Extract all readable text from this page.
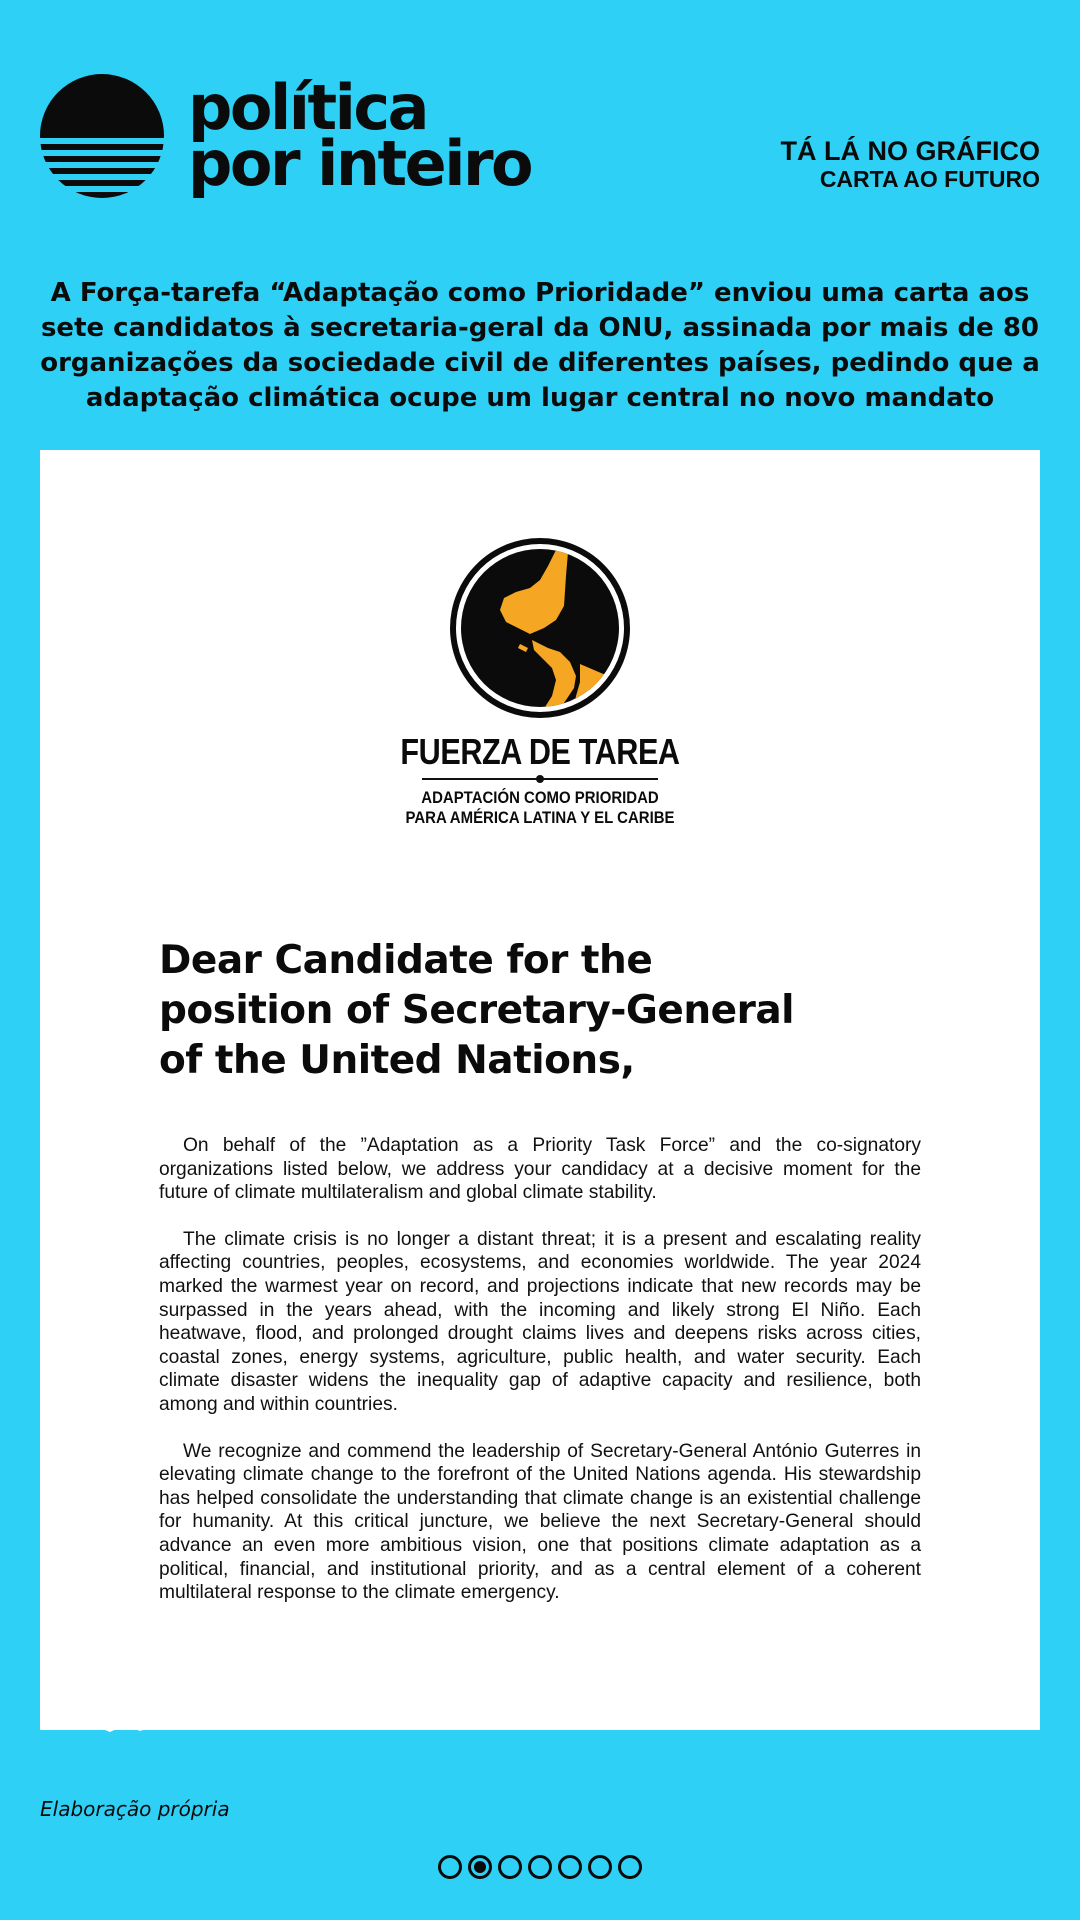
política
por inteiro	TÁ LÁ NO GRÁFICO
CARTA AO FUTURO
A Força-tarefa “Adaptação como Prioridade” enviou uma carta aos sete candidatos à secretaria-geral da ONU, assinada por mais de 80 organizações da sociedade civil de diferentes países, pedindo que a adaptação climática ocupe um lugar central no novo mandato
FUERZA DE TAREA
ADAPTACIÓN COMO PRIORIDAD
PARA AMÉRICA LATINA Y EL CARIBE
Dear Candidate for the position of Secretary-General of the United Nations,

On behalf of the ”Adaptation as a Priority Task Force” and the co-signatory organizations listed below, we address your candidacy at a decisive moment for the future of climate multilateralism and global climate stability.

The climate crisis is no longer a distant threat; it is a present and escalating reality affecting countries, peoples, ecosystems, and economies worldwide. The year 2024 marked the warmest year on record, and projections indicate that new records may be surpassed in the years ahead, with the incoming and likely strong El Niño. Each heatwave, flood, and prolonged drought claims lives and deepens risks across cities, coastal zones, energy systems, agriculture, public health, and water security. Each climate disaster widens the inequality gap of adaptive capacity and resilience, both among and within countries.

We recognize and commend the leadership of Secretary-General António Guterres in elevating climate change to the forefront of the United Nations agenda. His stewardship has helped consolidate the understanding that climate change is an existential challenge for humanity. At this critical juncture, we believe the next Secretary-General should advance an even more ambitious vision, one that positions climate adaptation as a political, financial, and institutional priority, and as a central element of a coherent multilateral response to the climate emergency.

Elaboração própria
